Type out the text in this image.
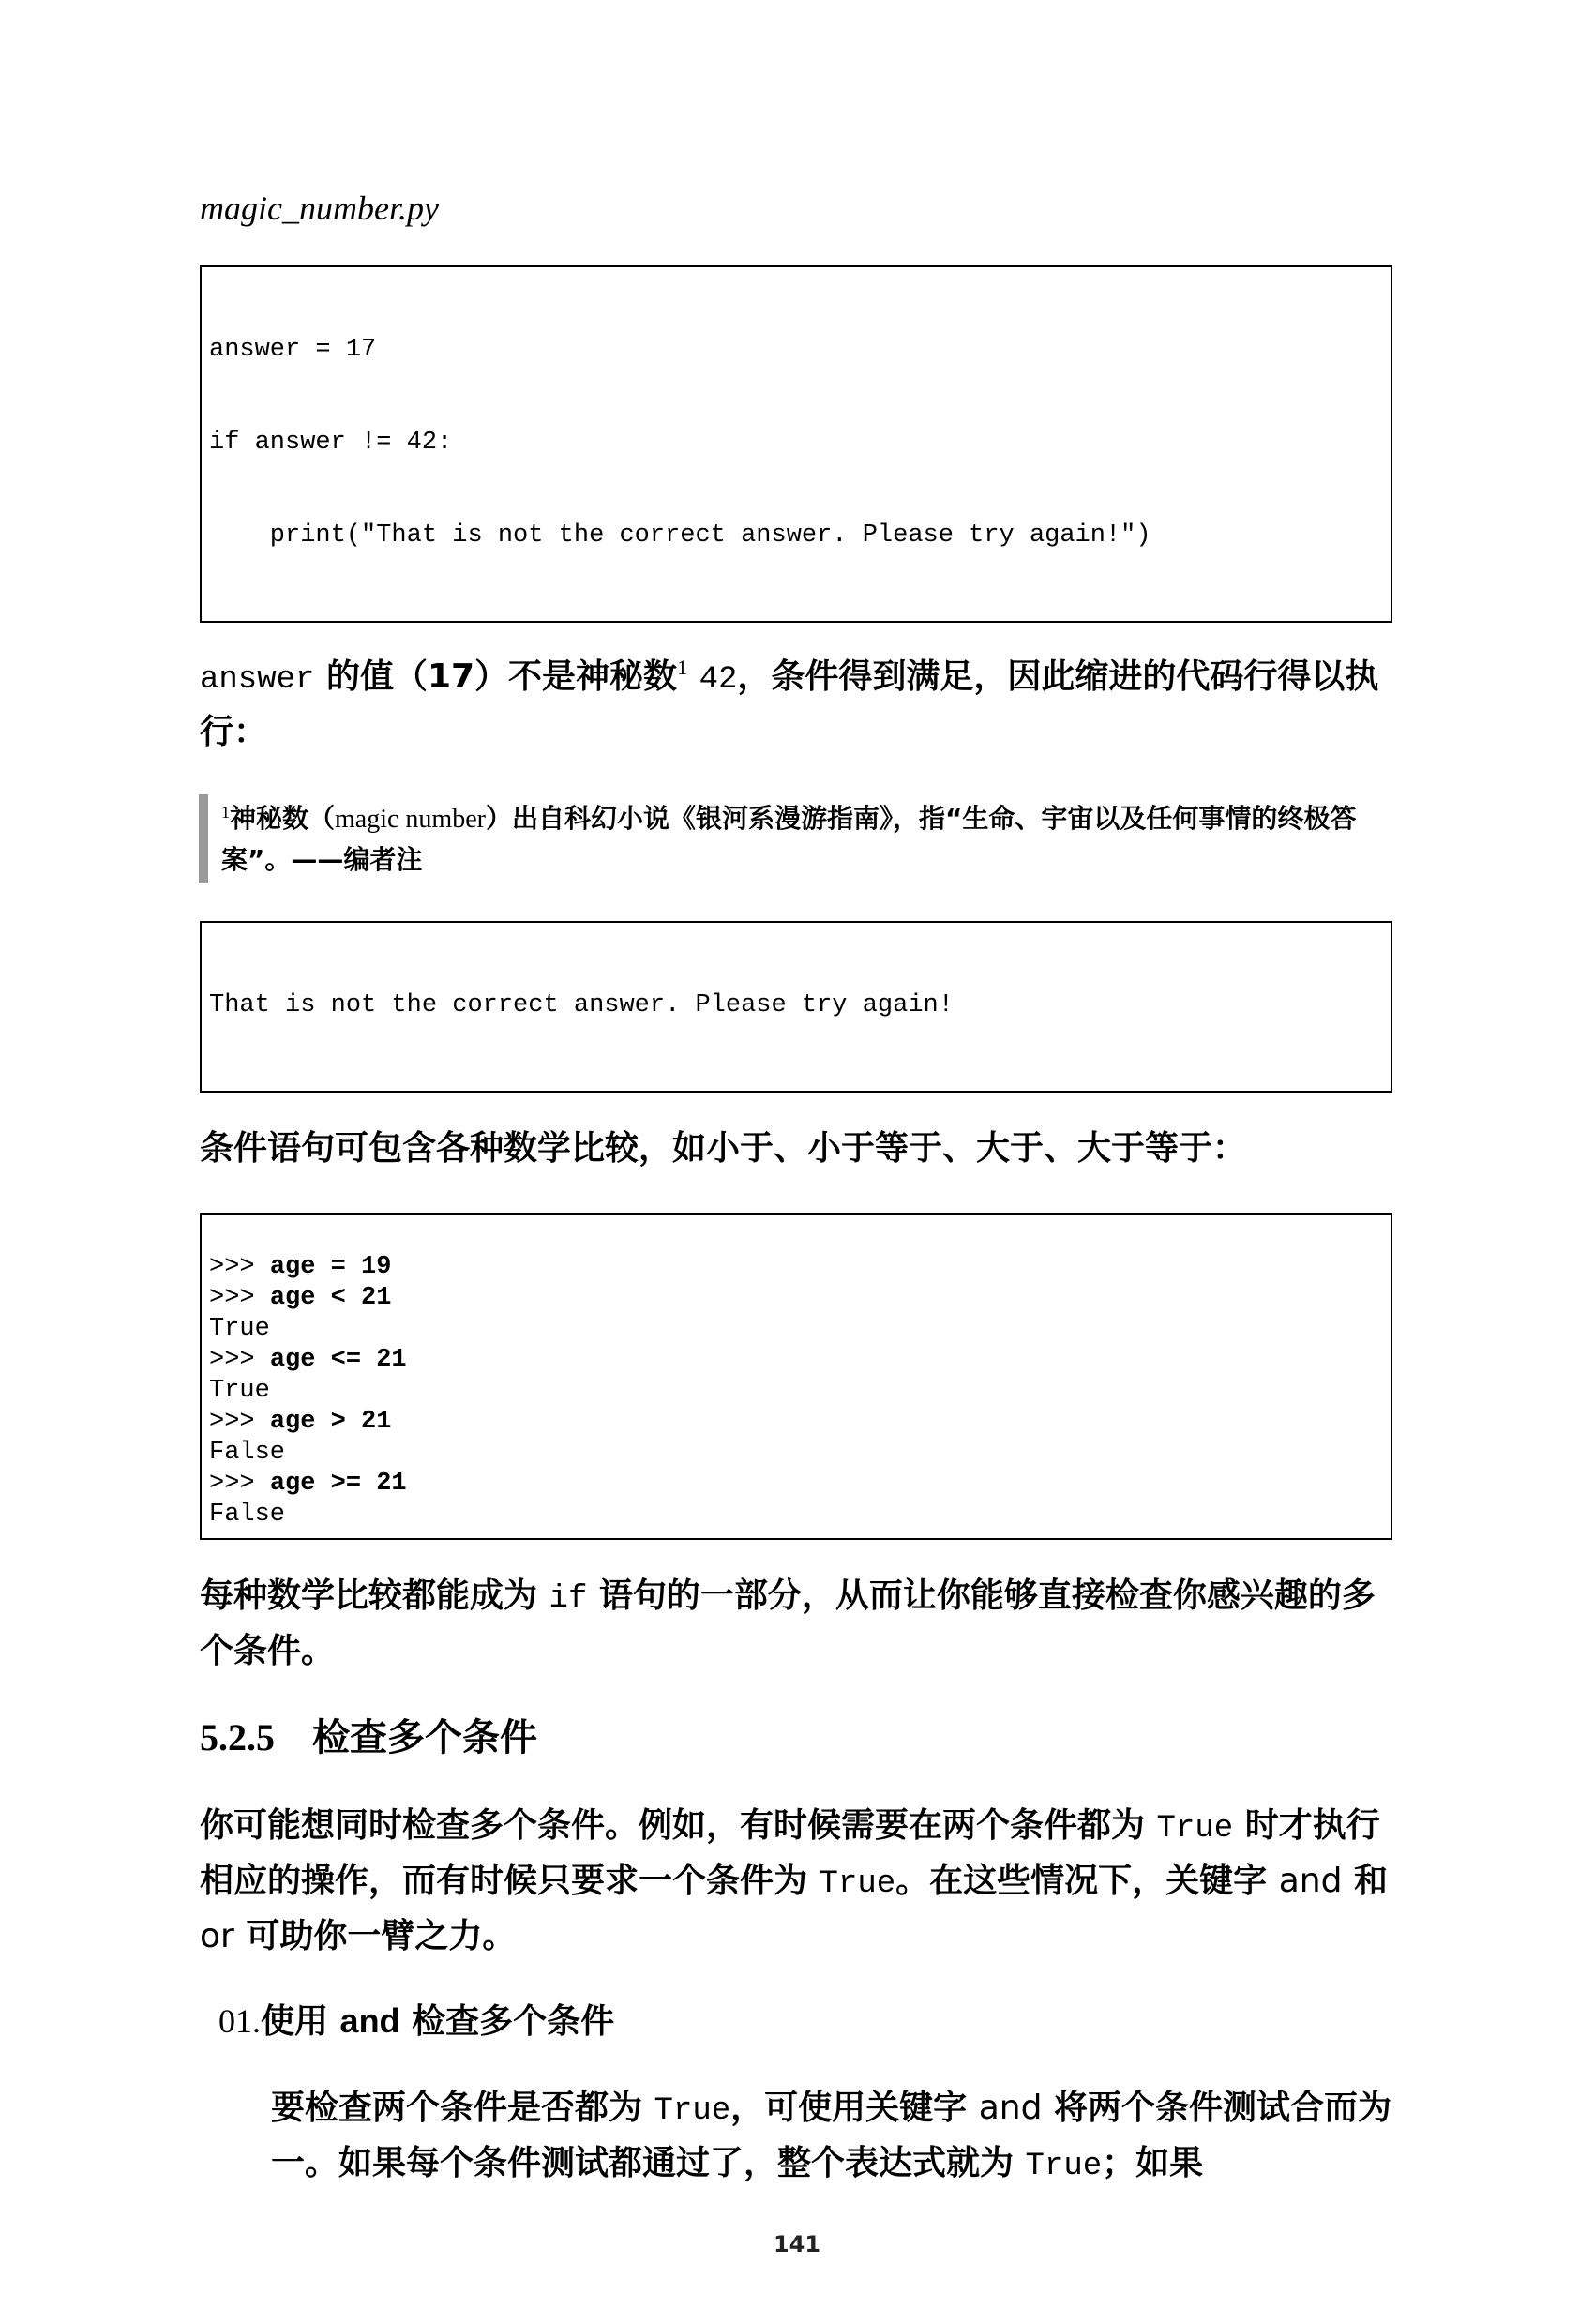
magic_number.py

answer = 17

if answer != 42:

print("That is not the correct answer. Please try again!")

answer 的值（17）不是神秘数$^1$ 42，条件得到满足，因此缩进的代码行得以执行：
$^1$神秘数（magic number）出自科幻小说《银河系漫游指南》，指“生命、宇宙以及任何事情的终极答案”。——编者注

That is not the correct answer. Please try again!

条件语句可包含各种数学比较，如小于、小于等于、大于、大于等于：
>>> age = 19
>>> age < 21
True
>>> age <= 21
True
>>> age > 21
False
>>> age >= 21
False
每种数学比较都能成为 if 语句的一部分，从而让你能够直接检查你感兴趣的多个条件。
5.2.5 检查多个条件
你可能想同时检查多个条件。例如，有时候需要在两个条件都为 True 时才执行相应的操作，而有时候只要求一个条件为 True。在这些情况下，关键字 and 和 or 可助你一臂之力。
01.使用 and 检查多个条件
要检查两个条件是否都为 True，可使用关键字 and 将两个条件测试合而为一。如果每个条件测试都通过了，整个表达式就为 True；如果
141
